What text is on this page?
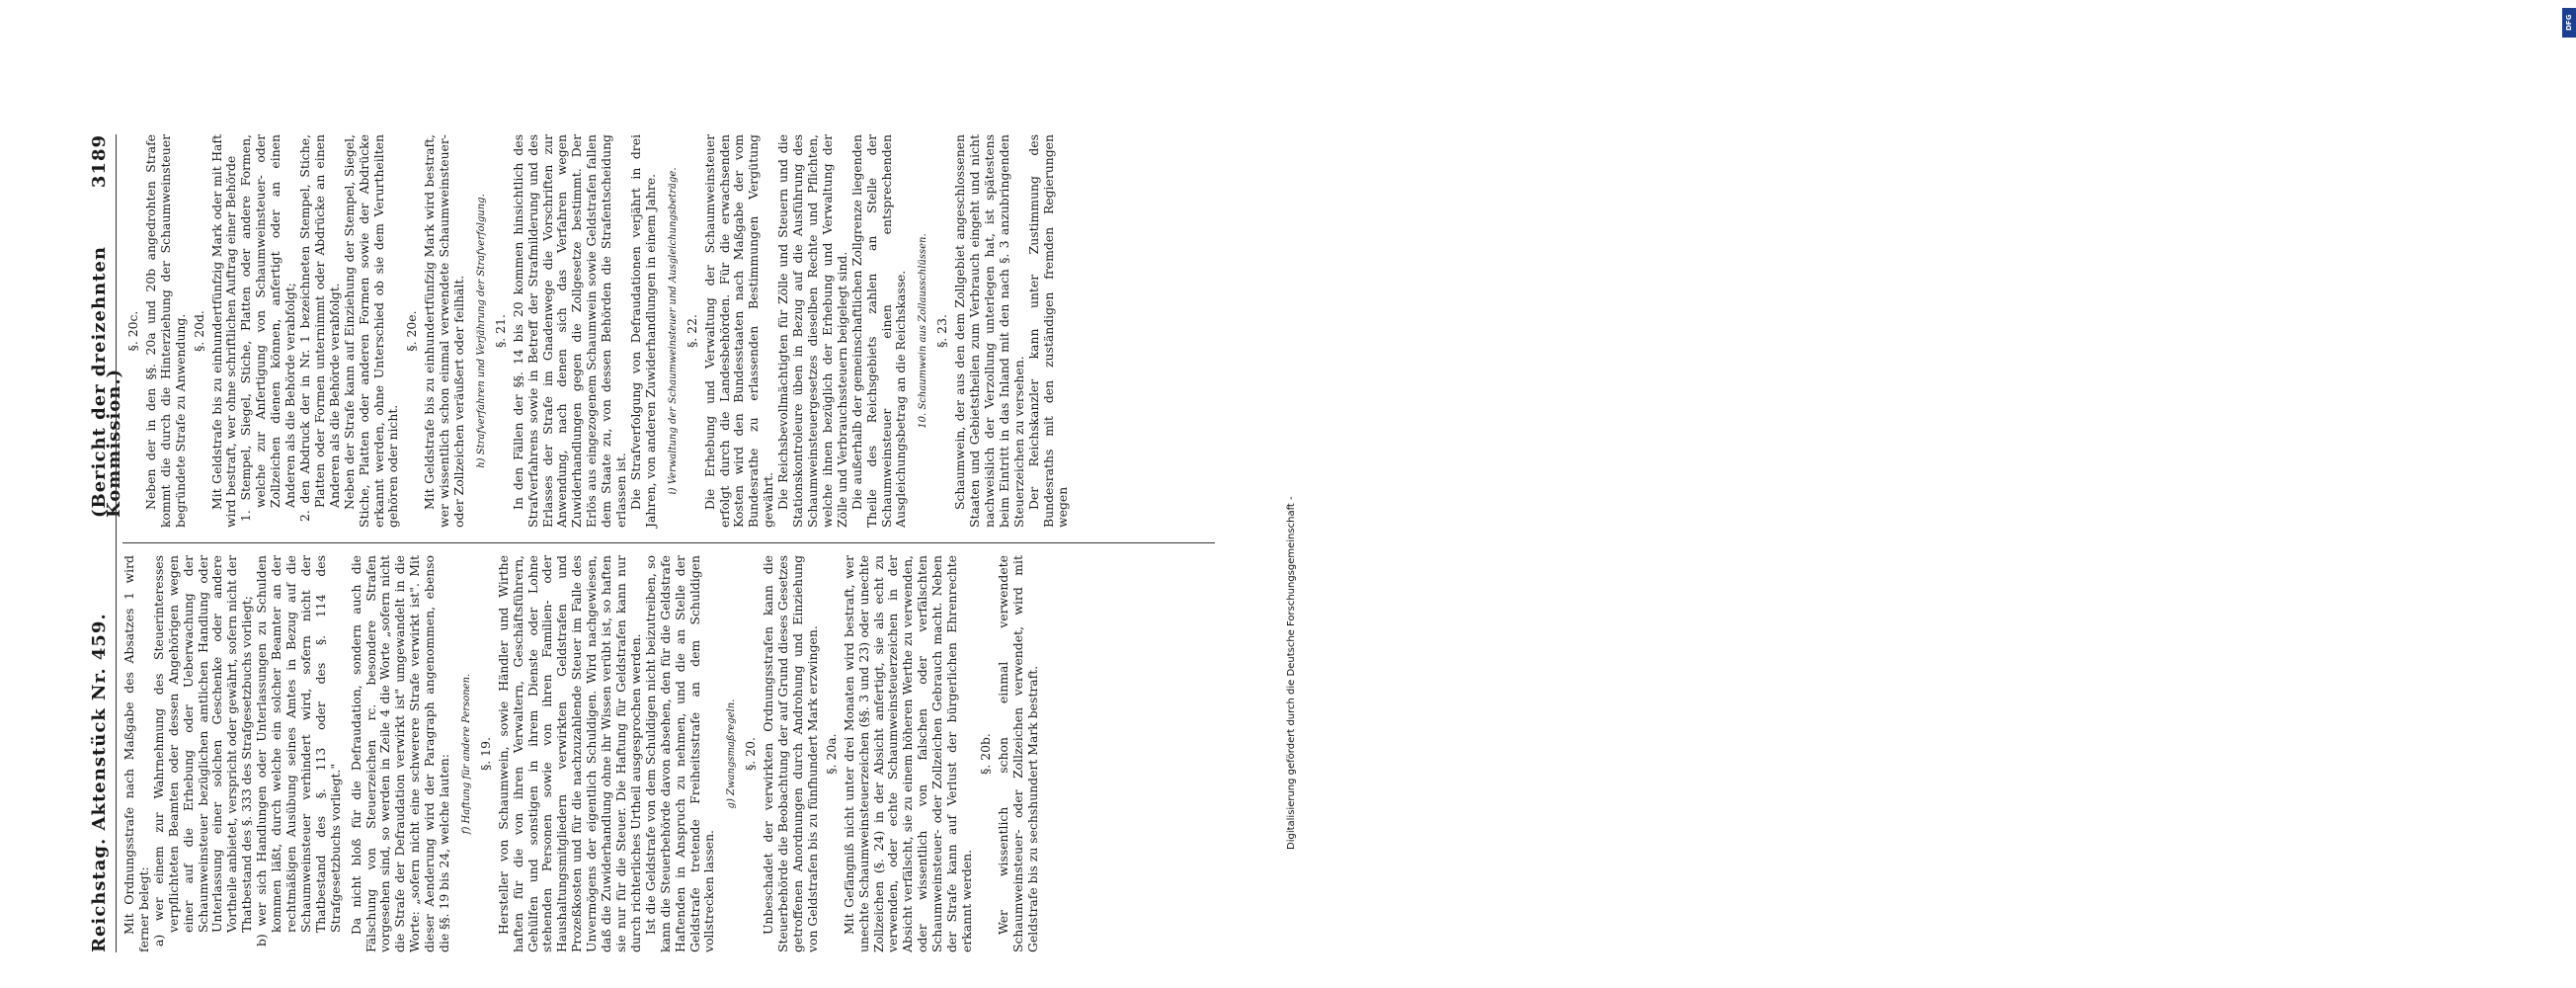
Reichstag. Aktenstück Nr. 459.
(Bericht der dreizehnten Kommission.)
3189

Mit Ordnungsstrafe nach Maßgabe des Absatzes 1 wird ferner belegt: a) wer einem zur Wahrnehmung des Steuerinteresses verpflichteten Beamten oder dessen Angehörigen wegen einer auf die Erhebung oder Ueberwachung der Schaumweinsteuer bezüglichen amtlichen Handlung oder Unterlassung einer solchen Geschenke oder andere Vortheile anbietet, verspricht oder gewährt, sofern nicht der Thatbestand des §. 333 des Strafgesetzbuchs vorliegt; b) wer sich Handlungen oder Unterlassungen zu Schulden kommen läßt, durch welche ein solcher Beamter an der rechtmäßigen Ausübung seines Amtes in Bezug auf die Schaumweinsteuer verhindert wird, sofern nicht der Thatbestand des §. 113 oder des §. 114 des Strafgesetzbuchs vorliegt." Da nicht bloß für die Defraudation, sondern auch die Fälschung von Steuerzeichen rc. besondere Strafen vorgesehen sind, so werden in Zeile 4 die Worte „sofern nicht die Strafe der Defraudation verwirkt ist" umgewandelt in die Worte: „sofern nicht eine schwerere Strafe verwirkt ist". Mit dieser Aenderung wird der Paragraph angenommen, ebenso die §§. 19 bis 24, welche lauten:

f) Haftung für andere Personen. §. 19. Hersteller von Schaumwein, sowie Händler und Wirthe haften für die von ihren Verwaltern, Geschäftsführern, Gehülfen und sonstigen in ihrem Dienste oder Lohne stehenden Personen sowie von ihren Familien- oder Haushaltungsmitgliedern verwirkten Geldstrafen und Prozeßkosten und für die nachzuzahlende Steuer im Falle des Unvermögens der eigentlich Schuldigen. Wird nachgewiesen, daß die Zuwiderhandlung ohne ihr Wissen verübt ist, so haften sie nur für die Steuer. Die Haftung für Geldstrafen kann nur durch richterliches Urtheil ausgesprochen werden. Ist die Geldstrafe von dem Schuldigen nicht beizutreiben, so kann die Steuerbehörde davon absehen, den für die Geldstrafe Haftenden in Anspruch zu nehmen, und die an Stelle der Geldstrafe tretende Freiheitsstrafe an dem Schuldigen vollstrecken lassen.

g) Zwangsmaßregeln. §. 20. Unbeschadet der verwirkten Ordnungsstrafen kann die Steuerbehörde die Beobachtung der auf Grund dieses Gesetzes getroffenen Anordnungen durch Androhung und Einziehung von Geldstrafen bis zu fünfhundert Mark erzwingen. §. 20a. Mit Gefängniß nicht unter drei Monaten wird bestraft, wer unechte Schaumweinsteuerzeichen (§§. 3 und 23) oder unechte Zollzeichen (§. 24) in der Absicht anfertigt, sie als echt zu verwenden, oder echte Schaumweinsteuerzeichen in der Absicht verfälscht, sie zu einem höheren Werthe zu verwenden, oder wissentlich von falschen oder verfälschten Schaumweinsteuer- oder Zollzeichen Gebrauch macht. Neben der Strafe kann auf Verlust der bürgerlichen Ehrenrechte erkannt werden.

§. 20b. Wer wissentlich schon einmal verwendete Schaumweinsteuer- oder Zollzeichen verwendet, wird mit Geldstrafe bis zu sechshundert Mark bestraft.

§. 20c. Neben der in den §§. 20a und 20b angedrohten Strafe kommt die durch die Hinterziehung der Schaumweinsteuer begründete Strafe zu Anwendung. §. 20d. Mit Geldstrafe bis zu einhundertfünfzig Mark oder mit Haft wird bestraft, wer ohne schriftlichen Auftrag einer Behörde 1. Stempel, Siegel, Stiche, Platten oder andere Formen, welche zur Anfertigung von Schaumweinsteuer- oder Zollzeichen dienen können, anfertigt oder an einen Anderen als die Behörde verabfolgt; 2. den Abdruck der in Nr. 1 bezeichneten Stempel, Stiche, Platten oder Formen unternimmt oder Abdrücke an einen Anderen als die Behörde verabfolgt. Neben der Strafe kann auf Einziehung der Stempel, Siegel, Stiche, Platten oder anderen Formen sowie der Abdrücke erkannt werden, ohne Unterschied ob sie dem Verurtheilten gehören oder nicht.

§. 20e. Mit Geldstrafe bis zu einhundertfünfzig Mark wird bestraft, wer wissentlich schon einmal verwendete Schaumweinsteuer- oder Zollzeichen veräußert oder feilhält. h) Strafverfahren und Verjährung der Strafverfolgung. §. 21. In den Fällen der §§. 14 bis 20 kommen hinsichtlich des Strafverfahrens sowie in Betreff der Strafmilderung und des Erlasses der Strafe im Gnadenwege die Vorschriften zur Anwendung, nach denen sich das Verfahren wegen Zuwiderhandlungen gegen die Zollgesetze bestimmt. Der Erlös aus eingezogenem Schaumwein sowie Geldstrafen fallen dem Staate zu, von dessen Behörden die Strafentscheidung erlassen ist. Die Strafverfolgung von Defraudationen verjährt in drei Jahren, von anderen Zuwiderhandlungen in einem Jahre. i) Verwaltung der Schaumweinsteuer und Ausgleichungsbeträge. §. 22. Die Erhebung und Verwaltung der Schaumweinsteuer erfolgt durch die Landesbehörden. Für die erwachsenden Kosten wird den Bundesstaaten nach Maßgabe der vom Bundesrathe zu erlassenden Bestimmungen Vergütung gewährt. Die Reichsbevollmächtigten für Zölle und Steuern und die Stationskontroleure üben in Bezug auf die Ausführung des Schaumweinsteuergesetzes dieselben Rechte und Pflichten, welche ihnen bezüglich der Erhebung und Verwaltung der Zölle und Verbrauchssteuern beigelegt sind. Die außerhalb der gemeinschaftlichen Zollgrenze liegenden Theile des Reichsgebiets zahlen an Stelle der Schaumweinsteuer einen entsprechenden Ausgleichungsbetrag an die Reichskasse. 10. Schaumwein aus Zollausschlüssen. §. 23. Schaumwein, der aus den dem Zollgebiet angeschlossenen Staaten und Gebietstheilen zum Verbrauch eingeht und nicht nachweislich der Verzollung unterlegen hat, ist spätestens beim Eintritt in das Inland mit den nach §. 3 anzubringenden Steuerzeichen zu versehen. Der Reichskanzler kann unter Zustimmung des Bundesraths mit den zuständigen fremden Regierungen wegen

DFG
Digitalisierung gefördert durch die Deutsche Forschungsgemeinschaft -
